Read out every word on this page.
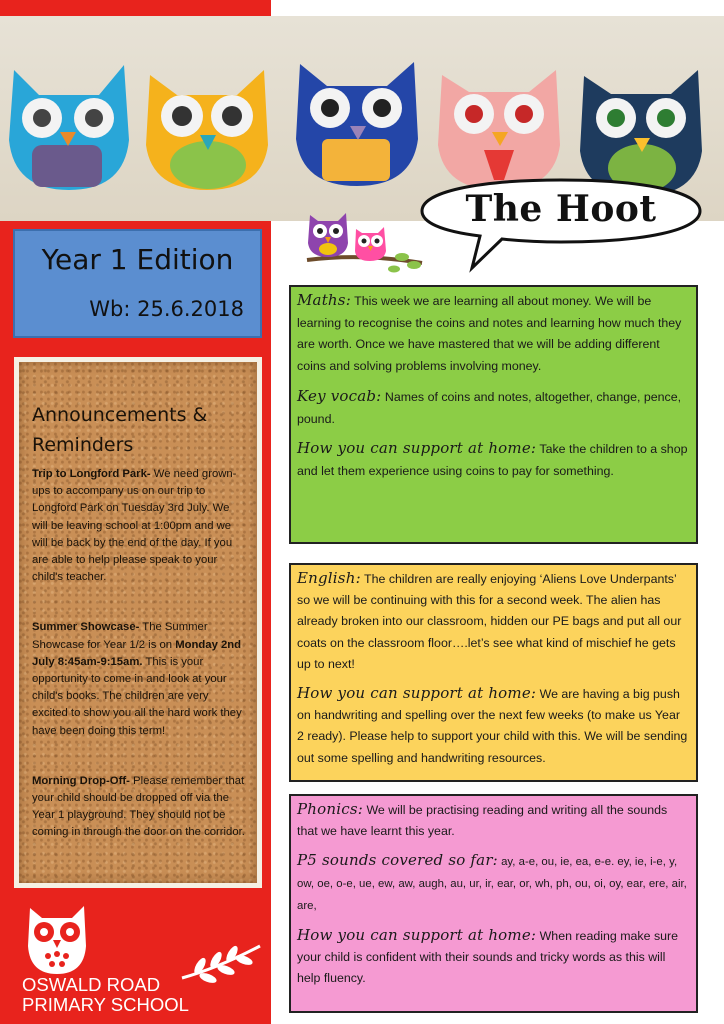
The Hoot
Year 1 Edition
Wb: 25.6.2018
Announcements &
Reminders
Trip to Longford Park- We need grown-ups to accompany us on our trip to Longford Park on Tuesday 3rd July. We will be leaving school at 1:00pm and we will be back by the end of the day. If you are able to help please speak to your child's teacher.
Summer Showcase- The Summer Showcase for Year 1/2 is on Monday 2nd July 8:45am-9:15am. This is your opportunity to come in and look at your child's books. The children are very excited to show you all the hard work they have been doing this term!
Morning Drop-Off- Please remember that your child should be dropped off via the Year 1 playground. They should not be coming in through the door on the corridor.
OSWALD ROAD
PRIMARY SCHOOL

Maths: This week we are learning all about money. We will be learning to recognise the coins and notes and learning how much they are worth. Once we have mastered that we will be adding different coins and solving problems involving money.

Key vocab: Names of coins and notes, altogether, change, pence, pound.

How you can support at home: Take the children to a shop and let them experience using coins to pay for something.

English: The children are really enjoying ‘Aliens Love Underpants’ so we will be continuing with this for a second week. The alien has already broken into our classroom, hidden our PE bags and put all our coats on the classroom floor….let’s see what kind of mischief he gets up to next!

How you can support at home: We are having a big push on handwriting and spelling over the next few weeks (to make us Year 2 ready). Please help to support your child with this. We will be sending out some spelling and handwriting resources.

Phonics: We will be practising reading and writing all the sounds that we have learnt this year.

P5 sounds covered so far: ay, a-e, ou, ie, ea, e-e. ey, ie, i-e, y, ow, oe, o-e, ue, ew, aw, augh, au, ur, ir, ear, or, wh, ph, ou, oi, oy, ear, ere, air, are,

How you can support at home: When reading make sure your child is confident with their sounds and tricky words as this will help fluency.
